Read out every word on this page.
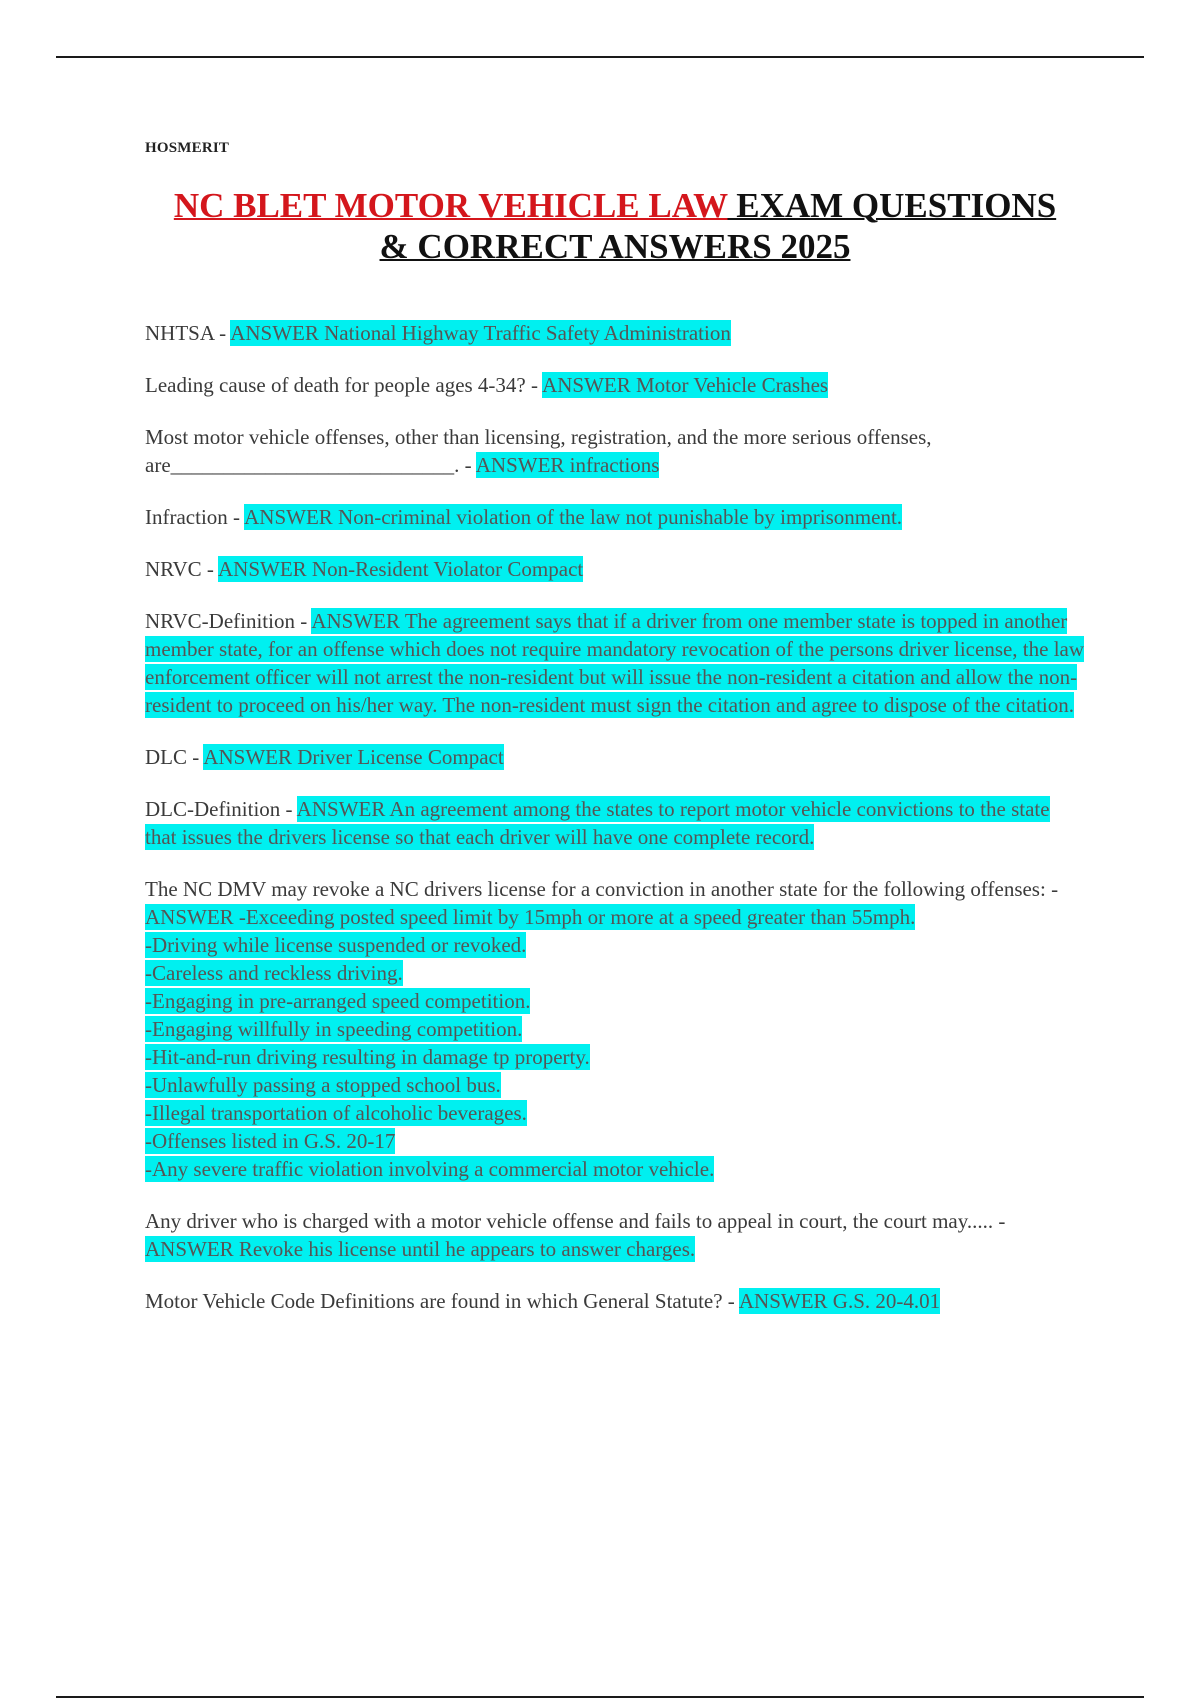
HOSMERIT
NC BLET MOTOR VEHICLE LAW EXAM QUESTIONS
& CORRECT ANSWERS 2025
NHTSA - ANSWER National Highway Traffic Safety Administration
Leading cause of death for people ages 4-34? - ANSWER Motor Vehicle Crashes
Most motor vehicle offenses, other than licensing, registration, and the more serious offenses, are___________________________. - ANSWER infractions
Infraction - ANSWER Non-criminal violation of the law not punishable by imprisonment.
NRVC - ANSWER Non-Resident Violator Compact
NRVC-Definition - ANSWER The agreement says that if a driver from one member state is topped in another member state, for an offense which does not require mandatory revocation of the persons driver license, the law enforcement officer will not arrest the non-resident but will issue the non-resident a citation and allow the non-resident to proceed on his/her way. The non-resident must sign the citation and agree to dispose of the citation.
DLC - ANSWER Driver License Compact
DLC-Definition - ANSWER An agreement among the states to report motor vehicle convictions to the state that issues the drivers license so that each driver will have one complete record.
The NC DMV may revoke a NC drivers license for a conviction in another state for the following offenses: - ANSWER -Exceeding posted speed limit by 15mph or more at a speed greater than 55mph.
-Driving while license suspended or revoked.
-Careless and reckless driving.
-Engaging in pre-arranged speed competition.
-Engaging willfully in speeding competition.
-Hit-and-run driving resulting in damage tp property.
-Unlawfully passing a stopped school bus.
-Illegal transportation of alcoholic beverages.
-Offenses listed in G.S. 20-17
-Any severe traffic violation involving a commercial motor vehicle.
Any driver who is charged with a motor vehicle offense and fails to appeal in court, the court may..... - ANSWER Revoke his license until he appears to answer charges.
Motor Vehicle Code Definitions are found in which General Statute? - ANSWER G.S. 20-4.01
